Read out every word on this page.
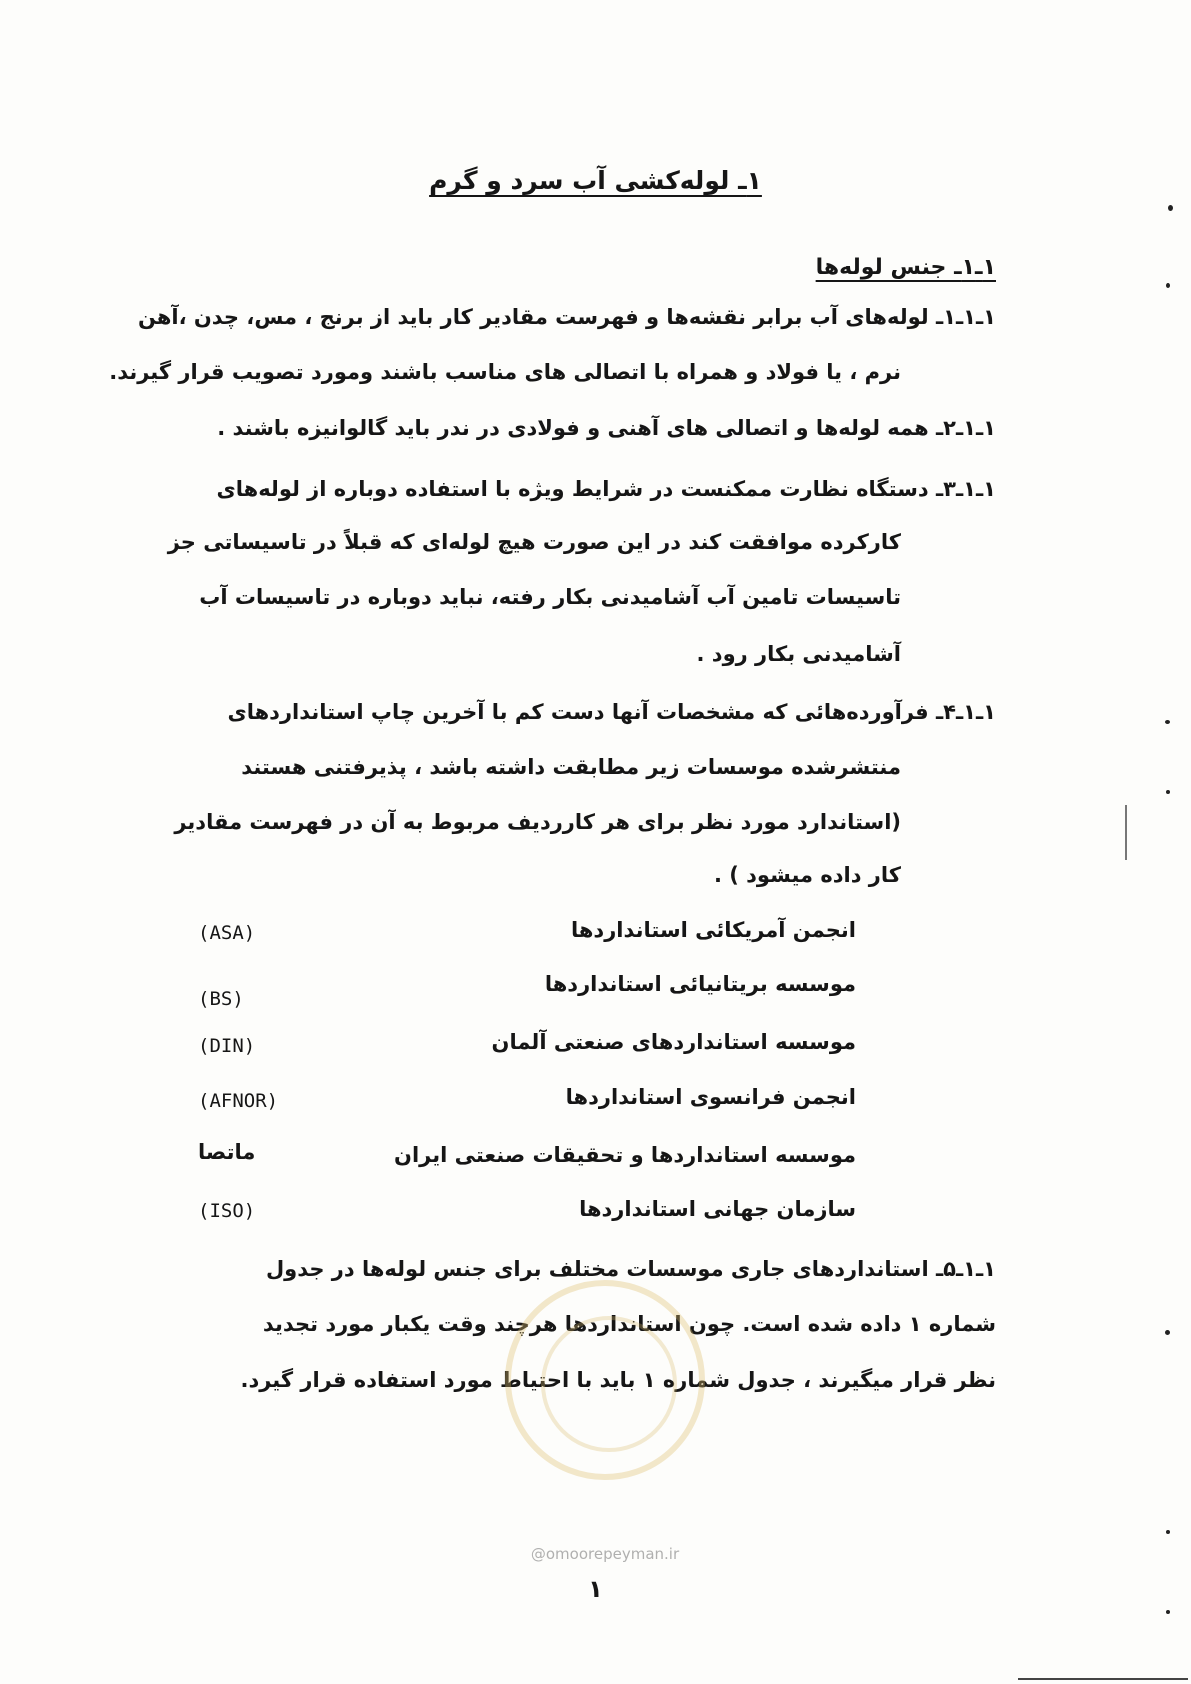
۱ـ لوله‌کشی آب سرد و گرم
۱ـ۱ـ جنس لوله‌ها
۱ـ۱ـ۱ـ لوله‌های آب برابر نقشه‌ها و فهرست مقادیر کار باید از برنج ، مس، چدن ،آهن
نرم ، یا فولاد و همراه با اتصالی های مناسب باشند ومورد تصویب قرار گیرند.
۱ـ۱ـ۲ـ همه لوله‌ها و اتصالی های آهنی و فولادی در ندر باید گالوانیزه باشند .
۱ـ۱ـ۳ـ دستگاه نظارت ممکنست در شرایط ویژه با استفاده دوباره از لوله‌های
کارکرده موافقت کند در این صورت هیچ لوله‌ای که قبلاً در تاسیساتی جز
تاسیسات تامین آب آشامیدنی بکار رفته، نباید دوباره در تاسیسات آب
آشامیدنی بکار رود .
۱ـ۱ـ۴ـ فرآورده‌هائی که مشخصات آنها دست کم با آخرین چاپ استانداردهای
منتشرشده موسسات زیر مطابقت داشته باشد ، پذیرفتنی هستند
(استاندارد مورد نظر برای هر کارردیف مربوط به آن در فهرست مقادیر
کار داده میشود ) .
انجمن آمریکائی استانداردها
(ASA)
موسسه بریتانیائی استانداردها
(BS)
موسسه استانداردهای صنعتی آلمان
(DIN)
انجمن فرانسوی استانداردها
(AFNOR)
موسسه استانداردها و تحقیقات صنعتی ایران
ماتصا
سازمان جهانی استانداردها
(ISO)
۱ـ۱ـ۵ـ استانداردهای جاری موسسات مختلف برای جنس لوله‌ها در جدول
شماره ۱ داده شده است. چون استانداردها هرچند وقت یکبار مورد تجدید
نظر قرار میگیرند ، جدول شماره ۱ باید با احتیاط مورد استفاده قرار گیرد.
@omoorepeyman.ir
۱
